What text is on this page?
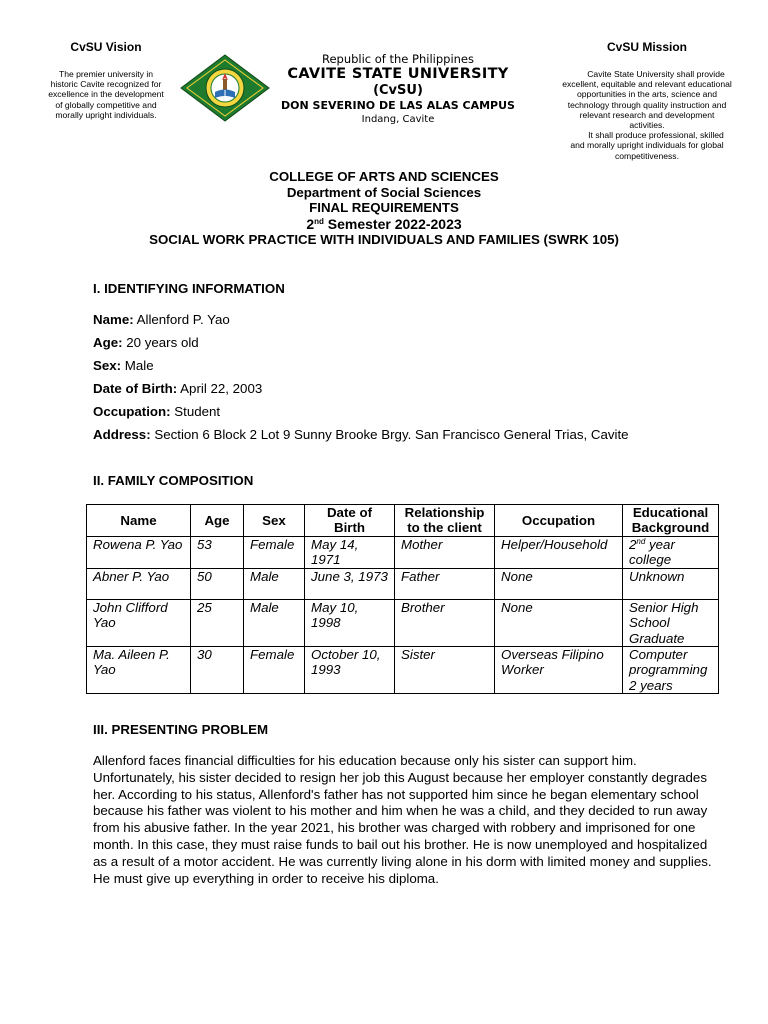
CvSU Vision
The premier university in historic Cavite recognized for excellence in the development of globally competitive and morally upright individuals.
Republic of the Philippines
CAVITE STATE UNIVERSITY
(CvSU)
DON SEVERINO DE LAS ALAS CAMPUS
Indang, Cavite
CvSU Mission
Cavite State University shall provide excellent, equitable and relevant educational opportunities in the arts, science and technology through quality instruction and relevant research and development activities.
It shall produce professional, skilled and morally upright individuals for global competitiveness.
COLLEGE OF ARTS AND SCIENCES
Department of Social Sciences
FINAL REQUIREMENTS
2nd Semester 2022-2023
SOCIAL WORK PRACTICE WITH INDIVIDUALS AND FAMILIES (SWRK 105)
I. IDENTIFYING INFORMATION
Name: Allenford P. Yao
Age: 20 years old
Sex: Male
Date of Birth: April 22, 2003
Occupation: Student
Address: Section 6 Block 2 Lot 9 Sunny Brooke Brgy. San Francisco General Trias, Cavite
II. FAMILY COMPOSITION
Name	Age	Sex	Date of Birth	Relationship to the client	Occupation	Educational Background
Rowena P. Yao	53	Female	May 14, 1971	Mother	Helper/Household	2nd year college
Abner P. Yao	50	Male	June 3, 1973	Father	None	Unknown
John Clifford Yao	25	Male	May 10, 1998	Brother	None	Senior High School Graduate
Ma. Aileen P. Yao	30	Female	October 10, 1993	Sister	Overseas Filipino Worker	Computer programming 2 years
III. PRESENTING PROBLEM
Allenford faces financial difficulties for his education because only his sister can support him. Unfortunately, his sister decided to resign her job this August because her employer constantly degrades her. According to his status, Allenford's father has not supported him since he began elementary school because his father was violent to his mother and him when he was a child, and they decided to run away from his abusive father. In the year 2021, his brother was charged with robbery and imprisoned for one month. In this case, they must raise funds to bail out his brother. He is now unemployed and hospitalized as a result of a motor accident. He was currently living alone in his dorm with limited money and supplies. He must give up everything in order to receive his diploma.
